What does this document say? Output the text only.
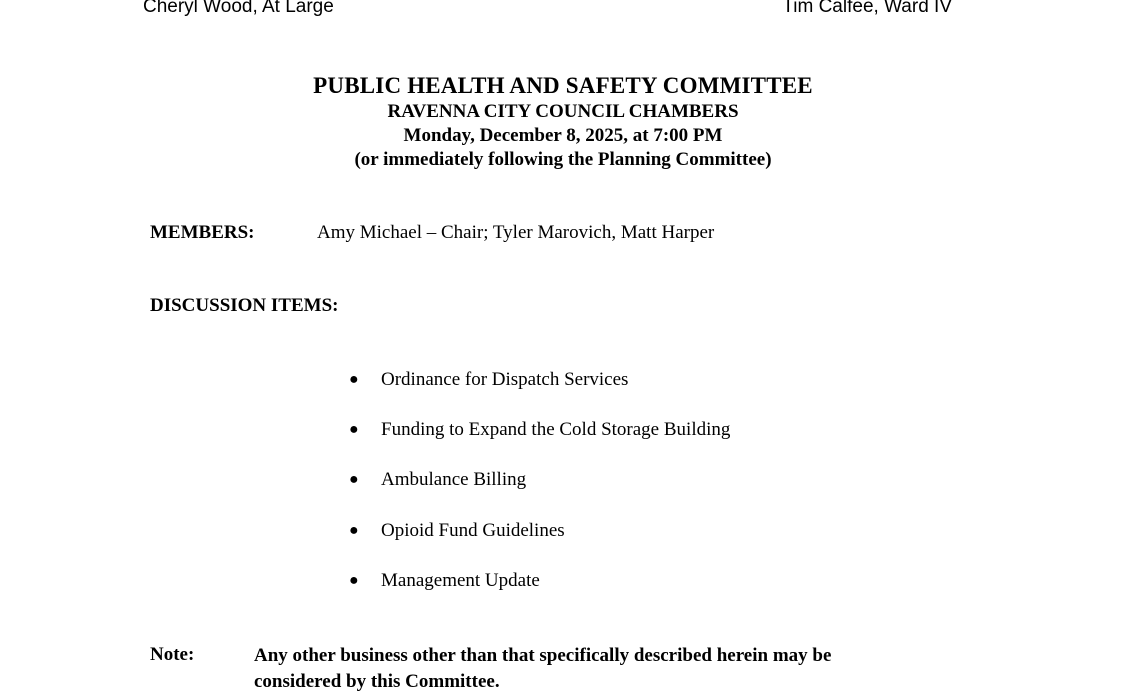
Cheryl Wood, At Large	Tim Calfee, Ward IV
PUBLIC HEALTH AND SAFETY COMMITTEE
RAVENNA CITY COUNCIL CHAMBERS
Monday, December 8, 2025, at 7:00 PM
(or immediately following the Planning Committee)
MEMBERS:	Amy Michael – Chair; Tyler Marovich, Matt Harper
DISCUSSION ITEMS:
● Ordinance for Dispatch Services
● Funding to Expand the Cold Storage Building
● Ambulance Billing
● Opioid Fund Guidelines
● Management Update
Note:	Any other business other than that specifically described herein may be considered by this Committee.
